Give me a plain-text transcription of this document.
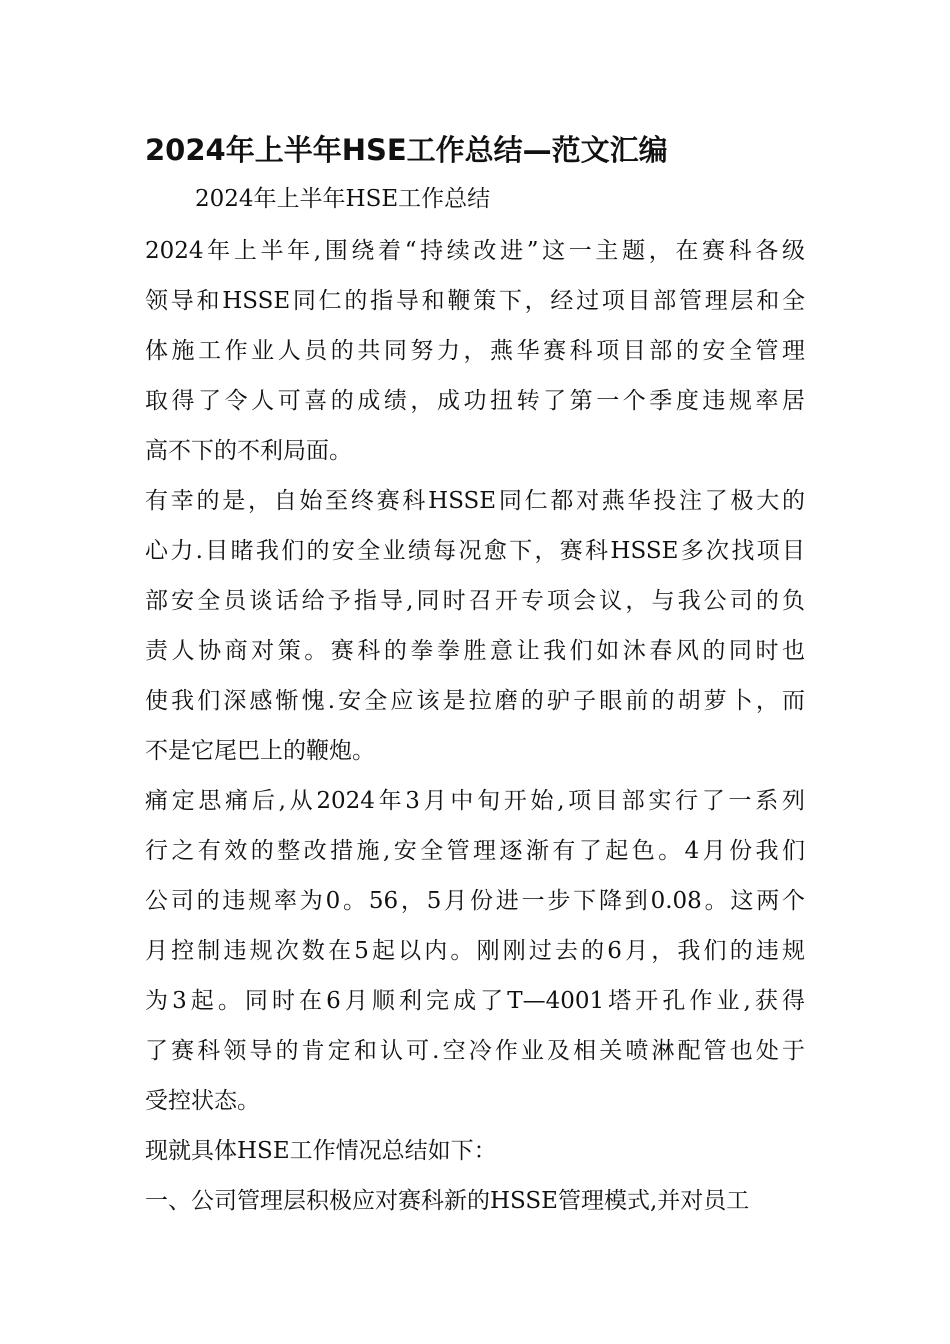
2024年上半年HSE工作总结—范文汇编
2024年上半年HSE工作总结

2024年上半年,围绕着“持续改进”这一主题，在赛科各级
领导和HSSE同仁的指导和鞭策下，经过项目部管理层和全
体施工作业人员的共同努力，燕华赛科项目部的安全管理
取得了令人可喜的成绩，成功扭转了第一个季度违规率居
高不下的不利局面。

有幸的是，自始至终赛科HSSE同仁都对燕华投注了极大的
心力.目睹我们的安全业绩每况愈下，赛科HSSE多次找项目
部安全员谈话给予指导,同时召开专项会议，与我公司的负
责人协商对策。赛科的拳拳胜意让我们如沐春风的同时也
使我们深感惭愧.安全应该是拉磨的驴子眼前的胡萝卜，而
不是它尾巴上的鞭炮。

痛定思痛后,从2024年3月中旬开始,项目部实行了一系列
行之有效的整改措施,安全管理逐渐有了起色。4月份我们
公司的违规率为0。56，5月份进一步下降到0.08。这两个
月控制违规次数在5起以内。刚刚过去的6月，我们的违规
为3起。同时在6月顺利完成了T—4001塔开孔作业,获得
了赛科领导的肯定和认可.空冷作业及相关喷淋配管也处于
受控状态。

现就具体HSE工作情况总结如下：

一、公司管理层积极应对赛科新的HSSE管理模式,并对员工
